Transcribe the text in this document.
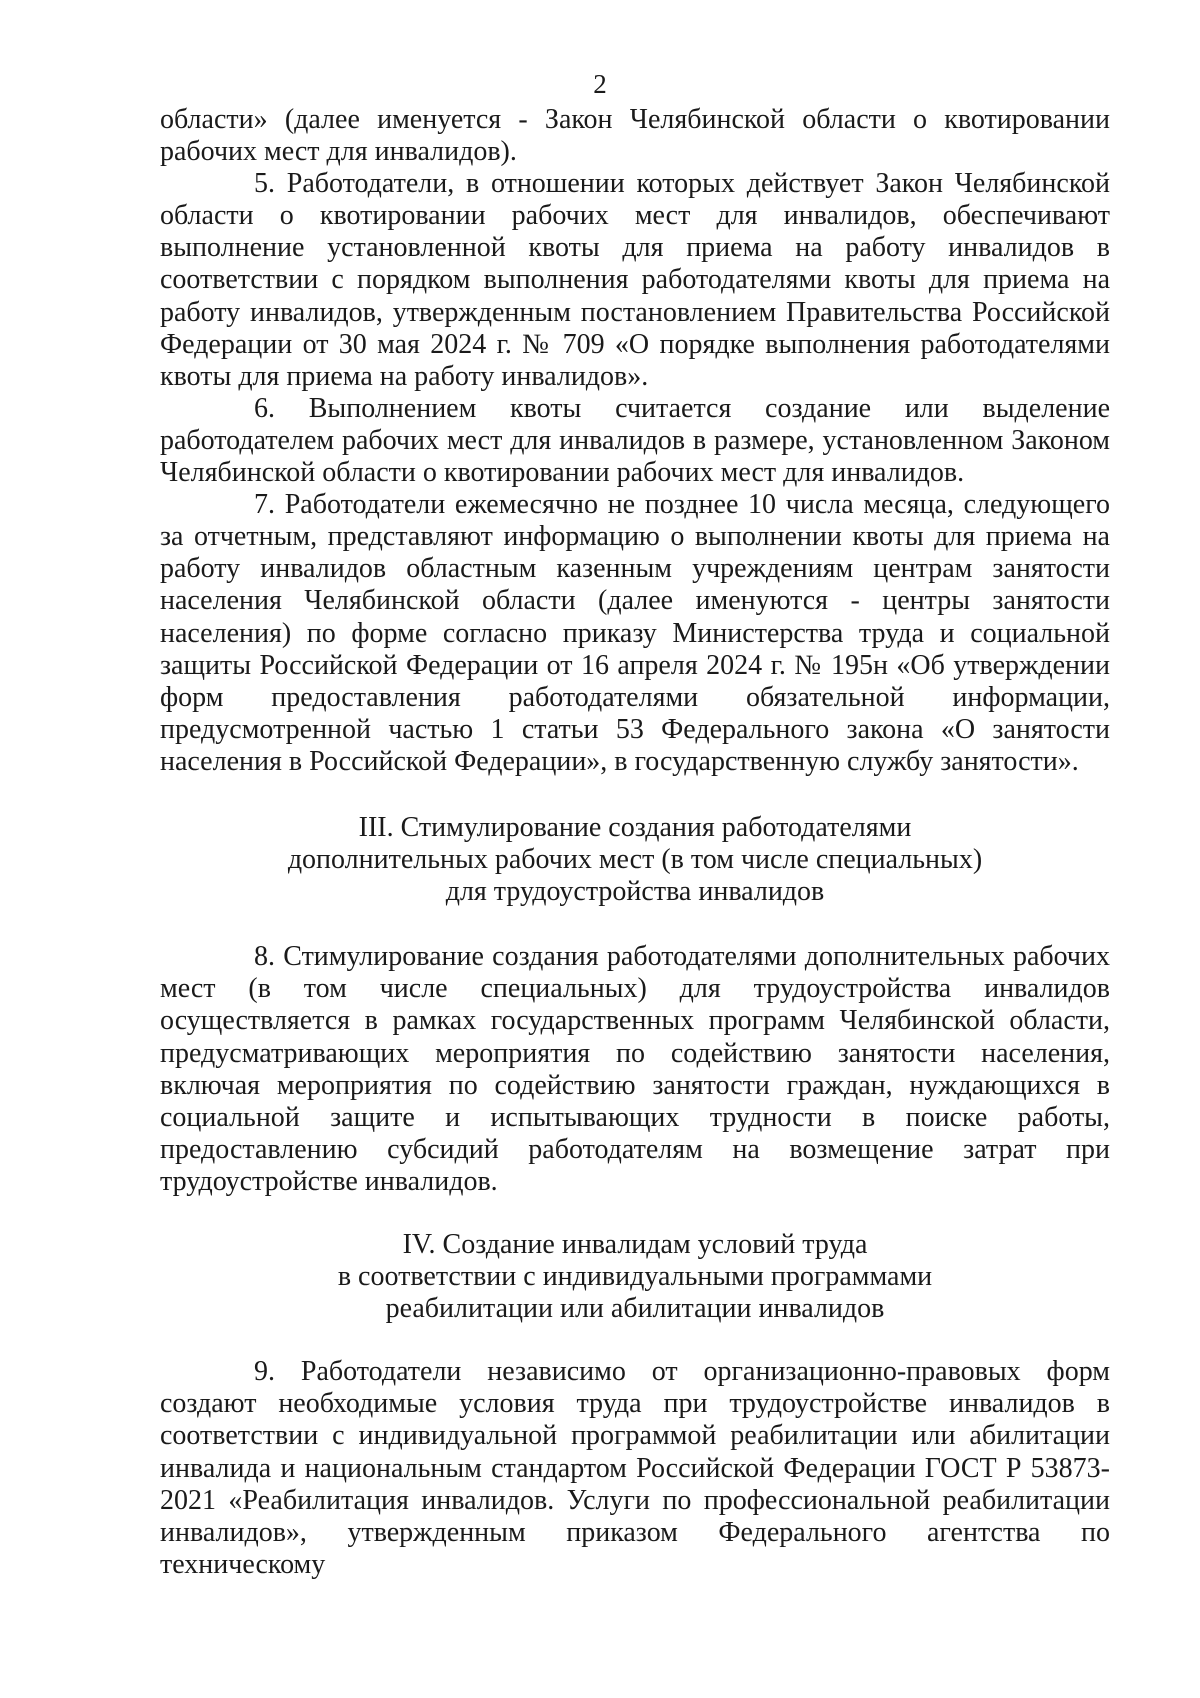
2

области» (далее именуется - Закон Челябинской области о квотировании рабочих мест для инвалидов).

5. Работодатели, в отношении которых действует Закон Челябинской области о квотировании рабочих мест для инвалидов, обеспечивают выполнение установленной квоты для приема на работу инвалидов в соответствии с порядком выполнения работодателями квоты для приема на работу инвалидов, утвержденным постановлением Правительства Российской Федерации от 30 мая 2024 г. № 709 «О порядке выполнения работодателями квоты для приема на работу инвалидов».

6. Выполнением квоты считается создание или выделение работодателем рабочих мест для инвалидов в размере, установленном Законом Челябинской области о квотировании рабочих мест для инвалидов.

7. Работодатели ежемесячно не позднее 10 числа месяца, следующего за отчетным, представляют информацию о выполнении квоты для приема на работу инвалидов областным казенным учреждениям центрам занятости населения Челябинской области (далее именуются - центры занятости населения) по форме согласно приказу Министерства труда и социальной защиты Российской Федерации от 16 апреля 2024 г. № 195н «Об утверждении форм предоставления работодателями обязательной информации, предусмотренной частью 1 статьи 53 Федерального закона «О занятости населения в Российской Федерации», в государственную службу занятости».

III. Стимулирование создания работодателями
дополнительных рабочих мест (в том числе специальных)
для трудоустройства инвалидов

8. Стимулирование создания работодателями дополнительных рабочих мест (в том числе специальных) для трудоустройства инвалидов осуществляется в рамках государственных программ Челябинской области, предусматривающих мероприятия по содействию занятости населения, включая мероприятия по содействию занятости граждан, нуждающихся в социальной защите и испытывающих трудности в поиске работы, предоставлению субсидий работодателям на возмещение затрат при трудоустройстве инвалидов.

IV. Создание инвалидам условий труда
в соответствии с индивидуальными программами
реабилитации или абилитации инвалидов

9. Работодатели независимо от организационно-правовых форм создают необходимые условия труда при трудоустройстве инвалидов в соответствии с индивидуальной программой реабилитации или абилитации инвалида и национальным стандартом Российской Федерации ГОСТ Р 53873-2021 «Реабилитация инвалидов. Услуги по профессиональной реабилитации инвалидов», утвержденным приказом Федерального агентства по техническому
